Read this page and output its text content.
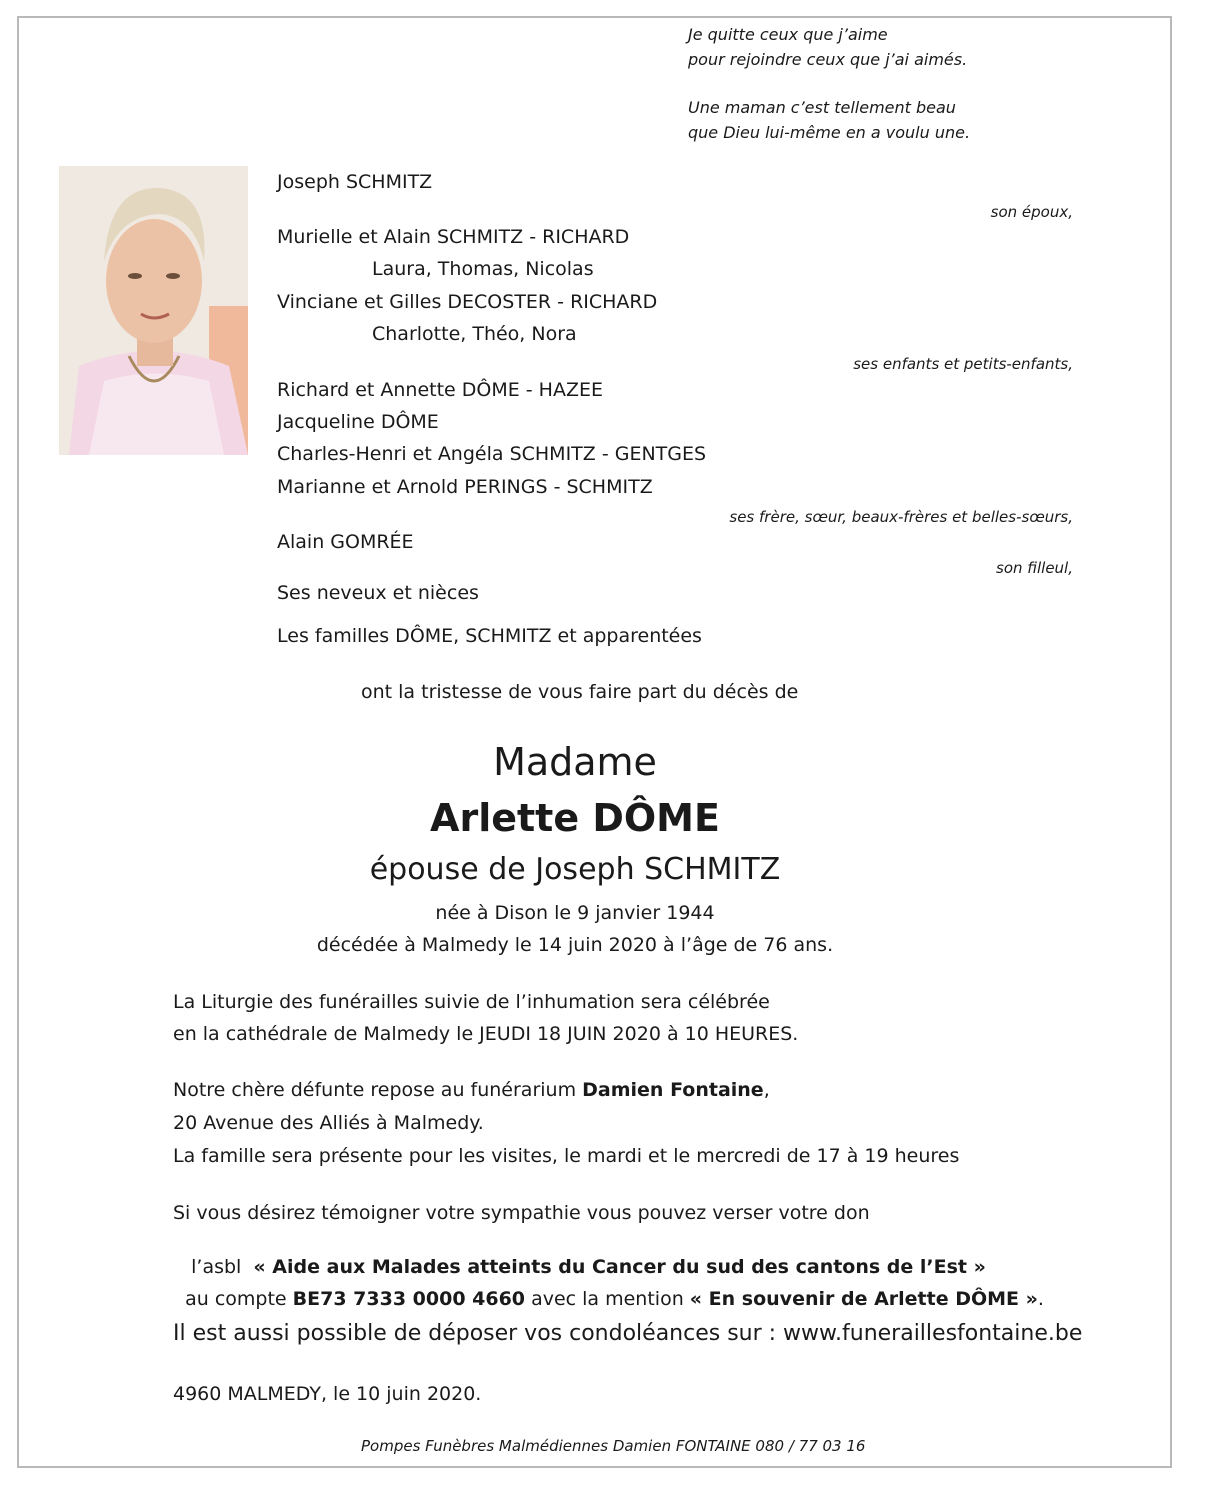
Je quitte ceux que j’aime
pour rejoindre ceux que j’ai aimés.
Une maman c’est tellement beau
que Dieu lui-même en a voulu une.
Joseph SCHMITZ
son époux,
Murielle et Alain SCHMITZ - RICHARD
Laura, Thomas, Nicolas
Vinciane et Gilles DECOSTER - RICHARD
Charlotte, Théo, Nora
ses enfants et petits-enfants,
Richard et Annette DÔME - HAZEE
Jacqueline DÔME
Charles-Henri et Angéla SCHMITZ - GENTGES
Marianne et Arnold PERINGS - SCHMITZ
ses frère, sœur, beaux-frères et belles-sœurs,
Alain GOMRÉE
son filleul,
Ses neveux et nièces
Les familles DÔME, SCHMITZ et apparentées
ont la tristesse de vous faire part du décès de
Madame
Arlette DÔME
épouse de Joseph SCHMITZ
née à Dison le 9 janvier 1944
décédée à Malmedy le 14 juin 2020 à l’âge de 76 ans.
La Liturgie des funérailles suivie de l’inhumation sera célébrée
en la cathédrale de Malmedy le JEUDI 18 JUIN 2020 à 10 HEURES.
Notre chère défunte repose au funérarium Damien Fontaine,
20 Avenue des Alliés à Malmedy.
La famille sera présente pour les visites, le mardi et le mercredi de 17 à 19 heures
Si vous désirez témoigner votre sympathie vous pouvez verser votre don

l’asbl  « Aide aux Malades atteints du Cancer du sud des cantons de l’Est »

au compte BE73 7333 0000 4660 avec la mention « En souvenir de Arlette DÔME ».

Il est aussi possible de déposer vos condoléances sur : www.funeraillesfontaine.be
4960 MALMEDY, le 10 juin 2020.
Pompes Funèbres Malmédiennes Damien FONTAINE 080 / 77 03 16
